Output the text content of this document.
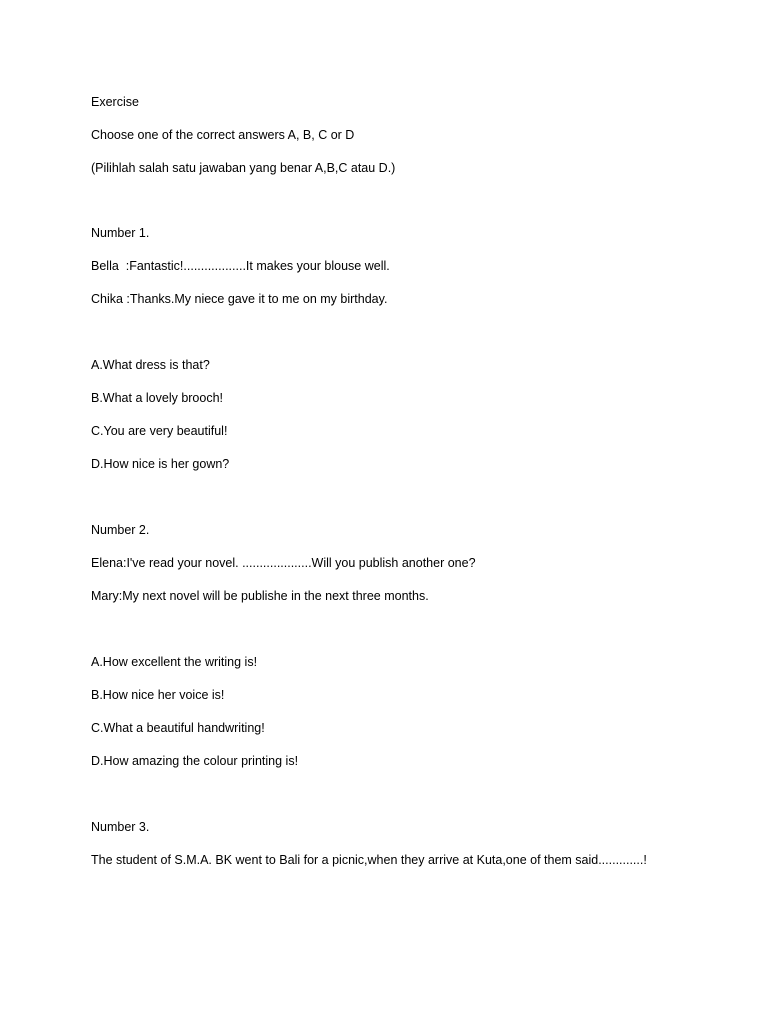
Exercise
Choose one of the correct answers A, B, C or D
(Pilihlah salah satu jawaban yang benar A,B,C atau D.)
Number 1.
Bella  :Fantastic!..................It makes your blouse well.
Chika :Thanks.My niece gave it to me on my birthday.
A.What dress is that?
B.What a lovely brooch!
C.You are very beautiful!
D.How nice is her gown?
Number 2.
Elena:I've read your novel. ....................Will you publish another one?
Mary:My next novel will be publishe in the next three months.
A.How excellent the writing is!
B.How nice her voice is!
C.What a beautiful handwriting!
D.How amazing the colour printing is!
Number 3.
The student of S.M.A. BK went to Bali for a picnic,when they arrive at Kuta,one of them said.............!
